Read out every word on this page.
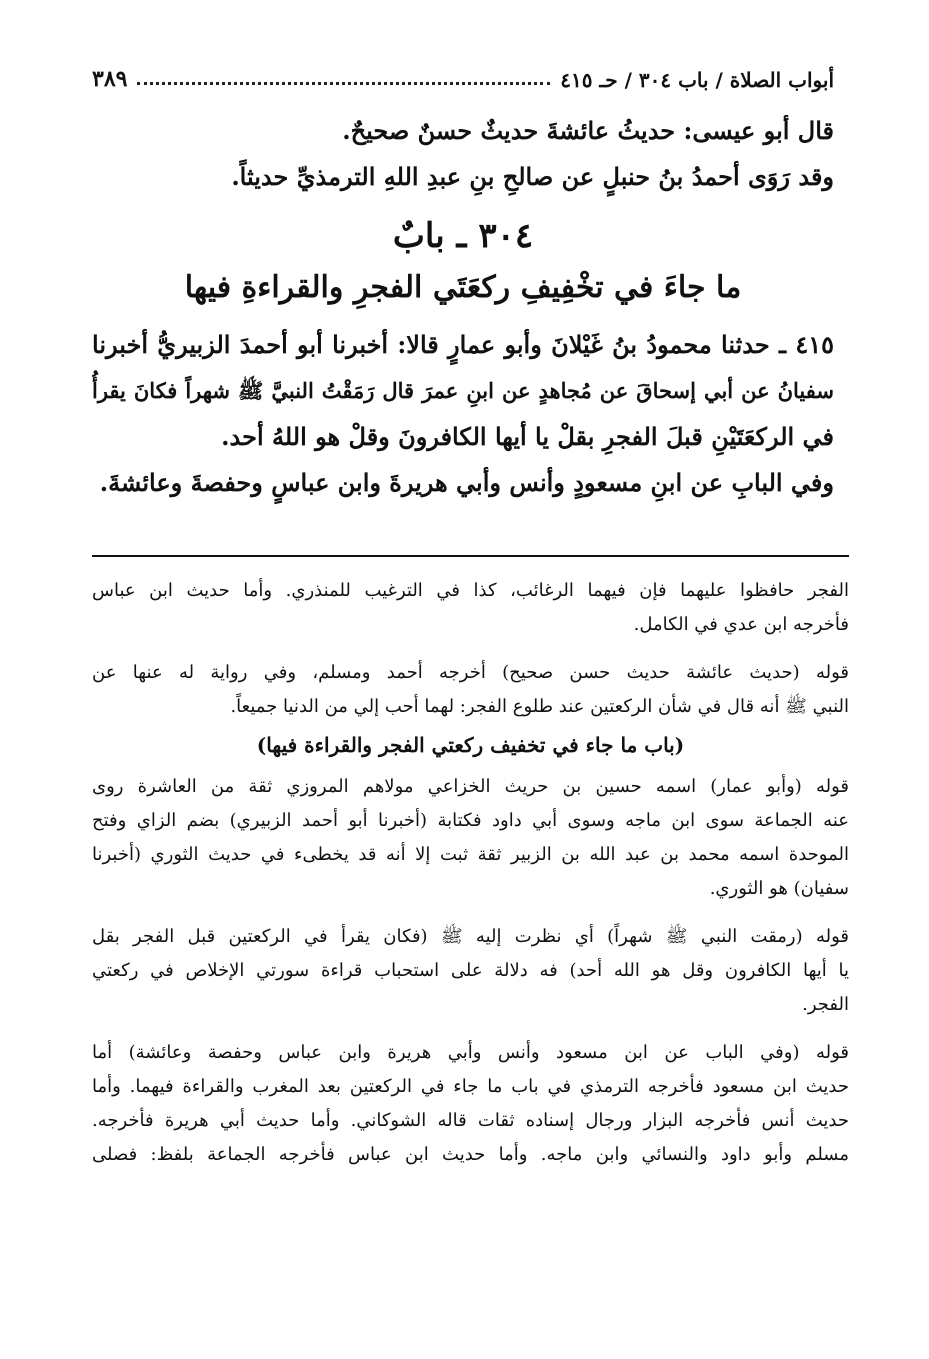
أبواب الصلاة / باب ٣٠٤ / حـ ٤١٥
٣٨٩
قال أبو عيسى: حديثُ عائشةَ حديثٌ حسنٌ صحيحٌ.
وقد رَوَى أحمدُ بنُ حنبلٍ عن صالحِ بنِ عبدِ اللهِ الترمذيِّ حديثاً.
٣٠٤ ـ بابٌ
ما جاءَ في تخْفِيفِ ركعَتَي الفجرِ والقراءةِ فيها
٤١٥ ـ حدثنا محمودُ بنُ غَيْلانَ وأبو عمارٍ قالا: أخبرنا أبو أحمدَ الزبيريُّ أخبرنا
سفيانُ عن أبي إسحاقَ عن مُجاهدٍ عن ابنِ عمرَ قال رَمَقْتُ النبيَّ ﷺ شهراً فكانَ يقرأُ
في الركعَتَيْنِ قبلَ الفجرِ بقلْ يا أيها الكافرونَ وقلْ هو اللهُ أحد.
وفي البابِ عن ابنِ مسعودٍ وأنس وأبي هريرةَ وابن عباسٍ وحفصةَ وعائشةَ.
الفجر حافظوا عليهما فإن فيهما الرغائب، كذا في الترغيب للمنذري. وأما حديث ابن عباس
فأخرجه ابن عدي في الكامل.
قوله (حديث عائشة حديث حسن صحيح) أخرجه أحمد ومسلم، وفي رواية له عنها عن
النبي ﷺ أنه قال في شأن الركعتين عند طلوع الفجر: لهما أحب إلي من الدنيا جميعاً.
(باب ما جاء في تخفيف ركعتي الفجر والقراءة فيها)
قوله (وأبو عمار) اسمه حسين بن حريث الخزاعي مولاهم المروزي ثقة من العاشرة روى
عنه الجماعة سوى ابن ماجه وسوى أبي داود فكتابة (أخبرنا أبو أحمد الزبيري) بضم الزاي وفتح
الموحدة اسمه محمد بن عبد الله بن الزبير ثقة ثبت إلا أنه قد يخطىء في حديث الثوري (أخبرنا
سفيان) هو الثوري.
قوله (رمقت النبي ﷺ شهراً) أي نظرت إليه ﷺ (فكان يقرأ في الركعتين قبل الفجر بقل
يا أيها الكافرون وقل هو الله أحد) فه دلالة على استحباب قراءة سورتي الإخلاص في ركعتي
الفجر.
قوله (وفي الباب عن ابن مسعود وأنس وأبي هريرة وابن عباس وحفصة وعائشة) أما
حديث ابن مسعود فأخرجه الترمذي في باب ما جاء في الركعتين بعد المغرب والقراءة فيهما. وأما
حديث أنس فأخرجه البزار ورجال إسناده ثقات قاله الشوكاني. وأما حديث أبي هريرة فأخرجه.
مسلم وأبو داود والنسائي وابن ماجه. وأما حديث ابن عباس فأخرجه الجماعة بلفظ: فصلى
